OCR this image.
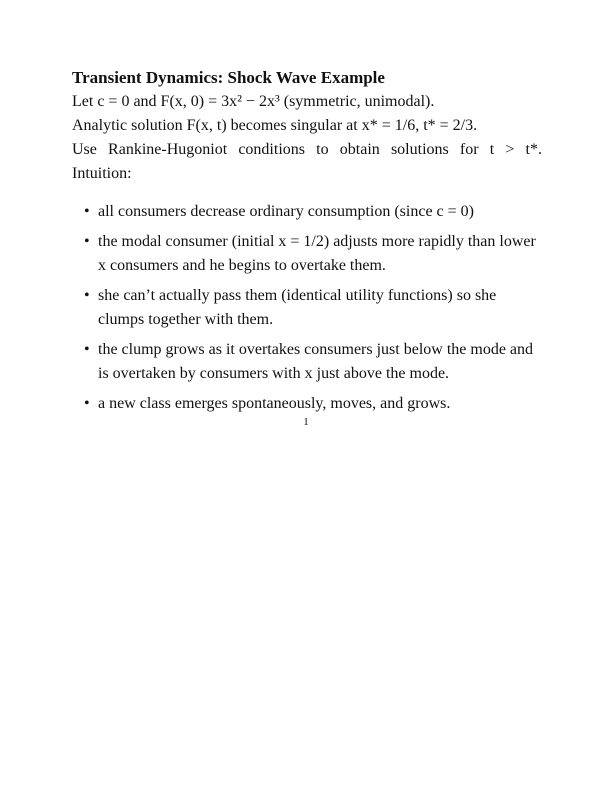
Transient Dynamics: Shock Wave Example

Let c = 0 and F(x, 0) = 3x² − 2x³ (symmetric, unimodal).

Analytic solution F(x, t) becomes singular at x* = 1/6, t* = 2/3.

Use Rankine-Hugoniot conditions to obtain solutions for t > t*.

Intuition:

• all consumers decrease ordinary consumption (since c = 0)
• the modal consumer (initial x = 1/2) adjusts more rapidly than lower x consumers and he begins to overtake them.
• she can’t actually pass them (identical utility functions) so she clumps together with them.
• the clump grows as it overtakes consumers just below the mode and is overtaken by consumers with x just above the mode.
• a new class emerges spontaneously, moves, and grows.
1
